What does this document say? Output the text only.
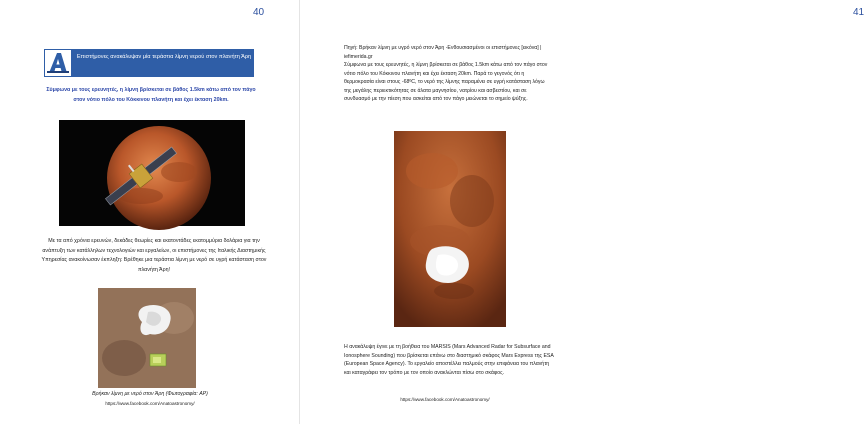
40
Επιστήμονες ανακάλυψαν μία τεράστια λίμνη νερού στον πλανήτη Άρη
Σύμφωνα με τους ερευνητές, η λίμνη βρίσκεται σε βάθος 1.5km κάτω από τον πάγο στον νότιο πόλο του Κόκκινου πλανήτη και έχει έκταση 20km.
Με τα από χρόνια ερευνών, δεκάδες θεωρίες και εκατοντάδες εκατομμύρια δολάρια για την ανάπτυξη των κατάλληλων τεχνολογιών και εργαλείων, οι επιστήμονες της Ιταλικής Διαστημικής Υπηρεσίας ανακοίνωσαν έκπληξη: Βρέθηκε μια τεράστια λίμνη με νερό σε υγρή κατάσταση στον πλανήτη Άρη!
Βρήκαν λίμνη με νερό στον Άρη (Φωτογραφία: AP)
https://www.facebook.com/Anatoastronomy/
41

Πηγή: Βρήκαν λίμνη με υγρό νερό στον Άρη -Ενθουσιασμένοι οι επιστήμονες [εικόνα] | iefimerida.gr

Σύμφωνα με τους ερευνητές, η λίμνη βρίσκεται σε βάθος 1.5km κάτω από τον πάγο στον νότιο πόλο του Κόκκινου πλανήτη και έχει έκταση 20km. Παρά το γεγονός ότι η θερμοκρασία είναι στους -68ºC, το νερό της λίμνης παραμένει σε υγρή κατάσταση λόγω της μεγάλης περιεκτικότητας σε άλατα μαγνησίου, νατρίου και ασβεστίου, και σε συνδυασμό με την πίεση που ασκείται από τον πάγο μειώνεται το σημείο ψύξης.

Η ανακάλυψη έγινε με τη βοήθεια του MARSIS (Mars Advanced Radar for Subsurface and Ionosphere Sounding) που βρίσκεται επάνω στο διαστημικό σκάφος Mars Express της ESA (European Space Agency). Το εργαλείο αποστέλλει παλμούς στην επιφάνεια του πλανήτη και καταγράφει τον τρόπο με τον οποίο ανακλώνται πίσω στο σκάφος.
https://www.facebook.com/Anatoastronomy/
